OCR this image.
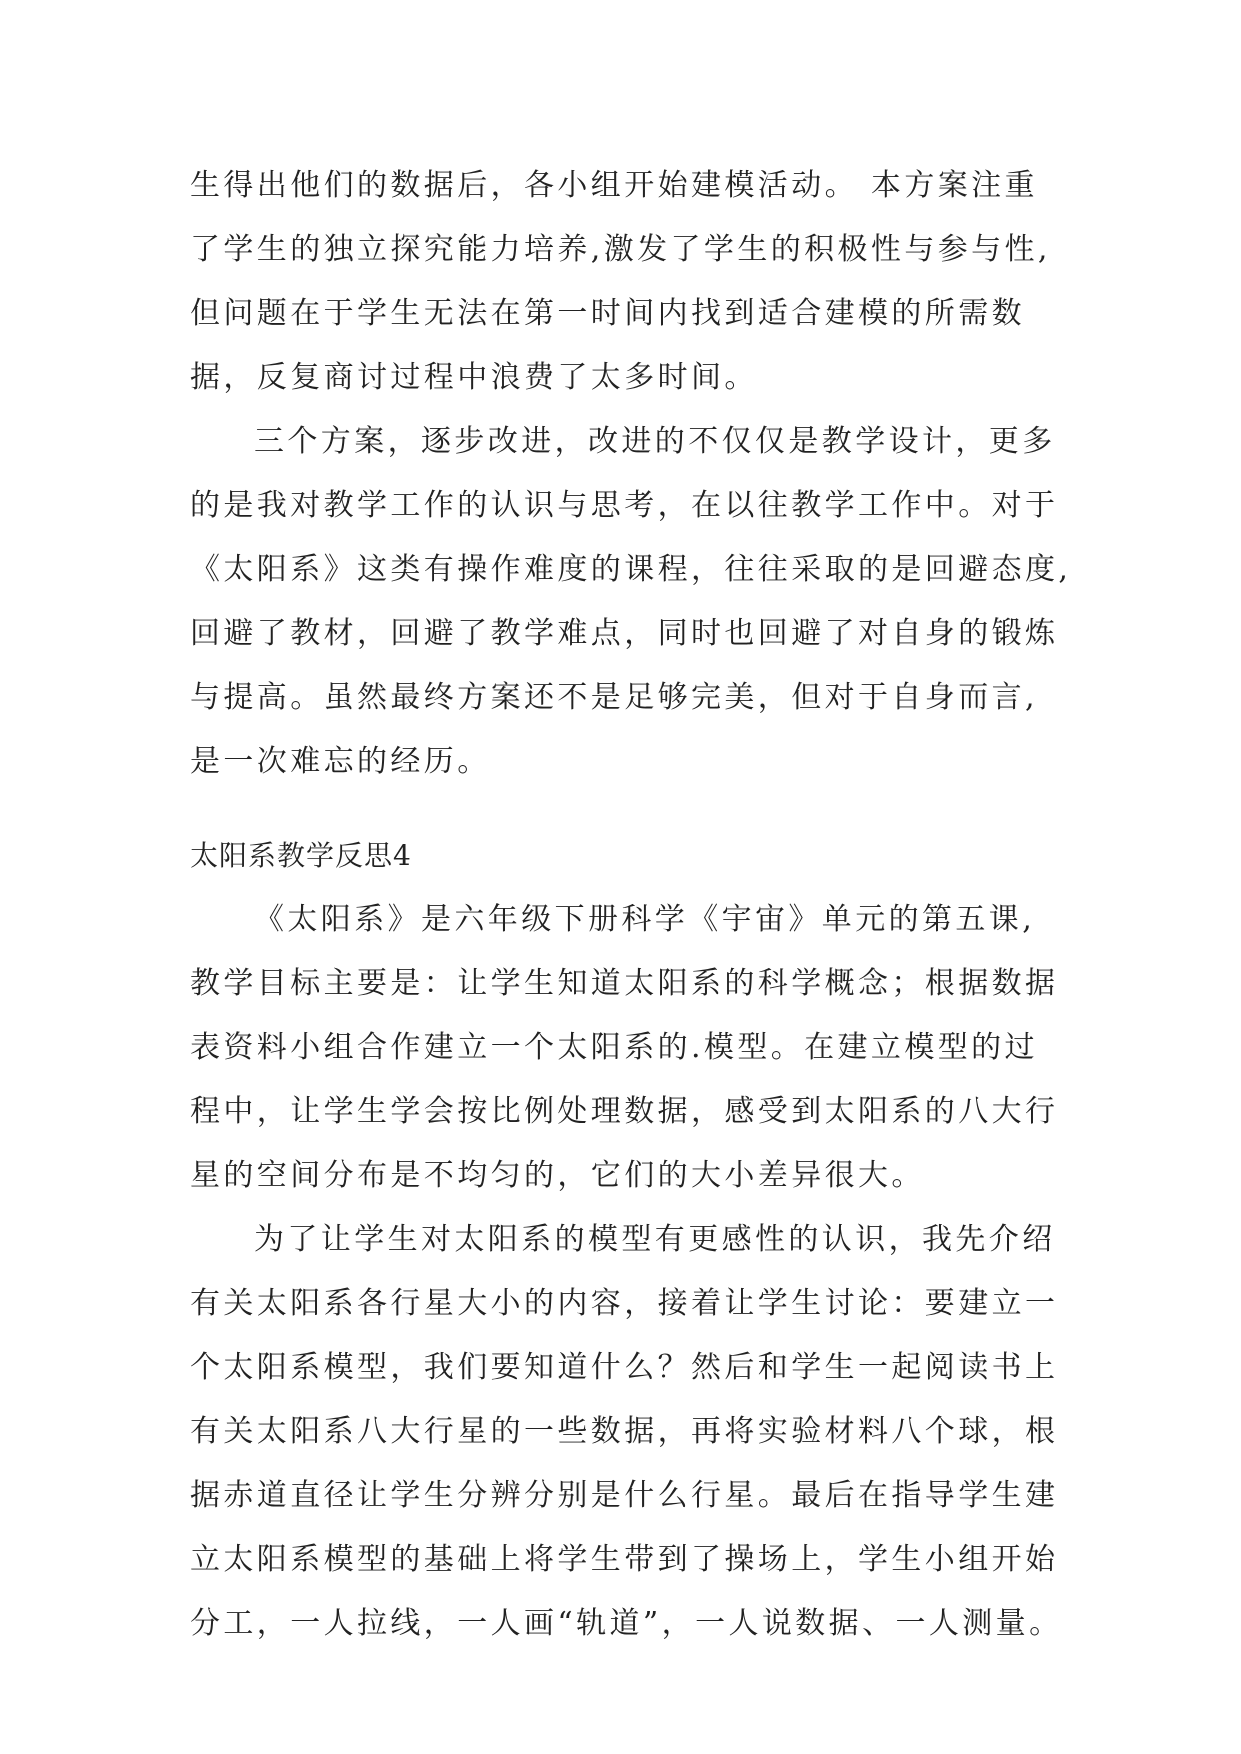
生得出他们的数据后，各小组开始建模活动。 本方案注重
了学生的独立探究能力培养,激发了学生的积极性与参与性,
但问题在于学生无法在第一时间内找到适合建模的所需数
据，反复商讨过程中浪费了太多时间。
三个方案，逐步改进，改进的不仅仅是教学设计，更多
的是我对教学工作的认识与思考，在以往教学工作中。对于
《太阳系》这类有操作难度的课程，往往采取的是回避态度,
回避了教材，回避了教学难点，同时也回避了对自身的锻炼
与提高。虽然最终方案还不是足够完美，但对于自身而言,
是一次难忘的经历。
太阳系教学反思4
《太阳系》是六年级下册科学《宇宙》单元的第五课,
教学目标主要是：让学生知道太阳系的科学概念；根据数据
表资料小组合作建立一个太阳系的.模型。在建立模型的过
程中，让学生学会按比例处理数据，感受到太阳系的八大行
星的空间分布是不均匀的，它们的大小差异很大。
为了让学生对太阳系的模型有更感性的认识，我先介绍
有关太阳系各行星大小的内容，接着让学生讨论：要建立一
个太阳系模型，我们要知道什么？然后和学生一起阅读书上
有关太阳系八大行星的一些数据，再将实验材料八个球，根
据赤道直径让学生分辨分别是什么行星。最后在指导学生建
立太阳系模型的基础上将学生带到了操场上，学生小组开始
分工，一人拉线，一人画“轨道”，一人说数据、一人测量。
